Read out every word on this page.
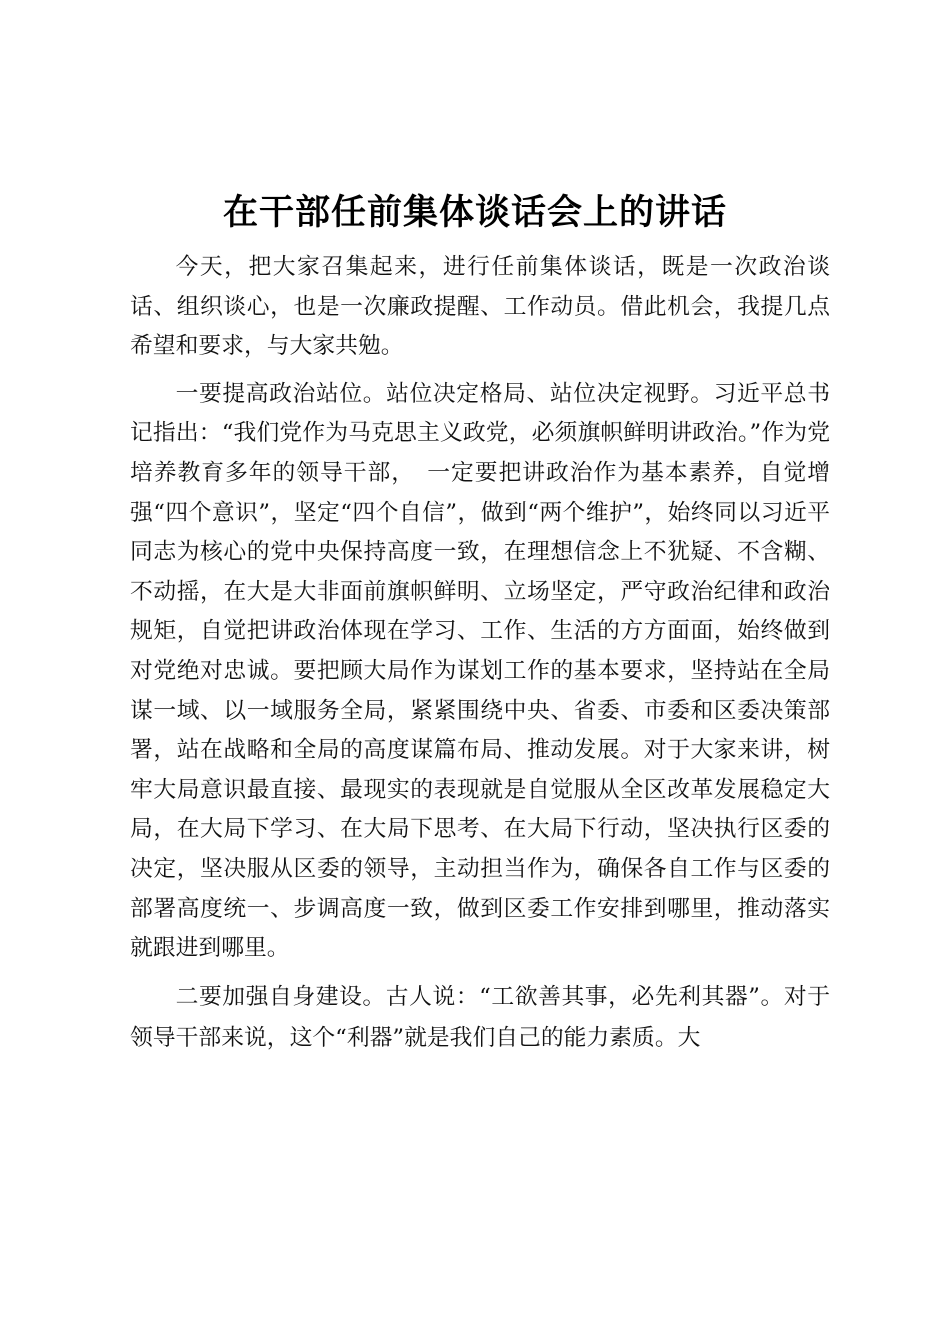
在干部任前集体谈话会上的讲话

今天，把大家召集起来，进行任前集体谈话，既是一次政治谈话、组织谈心，也是一次廉政提醒、工作动员。借此机会，我提几点希望和要求，与大家共勉。

一要提高政治站位。站位决定格局、站位决定视野。习近平总书记指出：“我们党作为马克思主义政党，必须旗帜鲜明讲政治。”作为党培养教育多年的领导干部，　一定要把讲政治作为基本素养，自觉增强“四个意识”，坚定“四个自信”，做到“两个维护”，始终同以习近平同志为核心的党中央保持高度一致，在理想信念上不犹疑、不含糊、不动摇，在大是大非面前旗帜鲜明、立场坚定，严守政治纪律和政治规矩，自觉把讲政治体现在学习、工作、生活的方方面面，始终做到对党绝对忠诚。要把顾大局作为谋划工作的基本要求，坚持站在全局谋一域、以一域服务全局，紧紧围绕中央、省委、市委和区委决策部署，站在战略和全局的高度谋篇布局、推动发展。对于大家来讲，树牢大局意识最直接、最现实的表现就是自觉服从全区改革发展稳定大局，在大局下学习、在大局下思考、在大局下行动，坚决执行区委的决定，坚决服从区委的领导，主动担当作为，确保各自工作与区委的部署高度统一、步调高度一致，做到区委工作安排到哪里，推动落实就跟进到哪里。

二要加强自身建设。古人说：“工欲善其事，必先利其器”。对于领导干部来说，这个“利器”就是我们自己的能力素质。大
